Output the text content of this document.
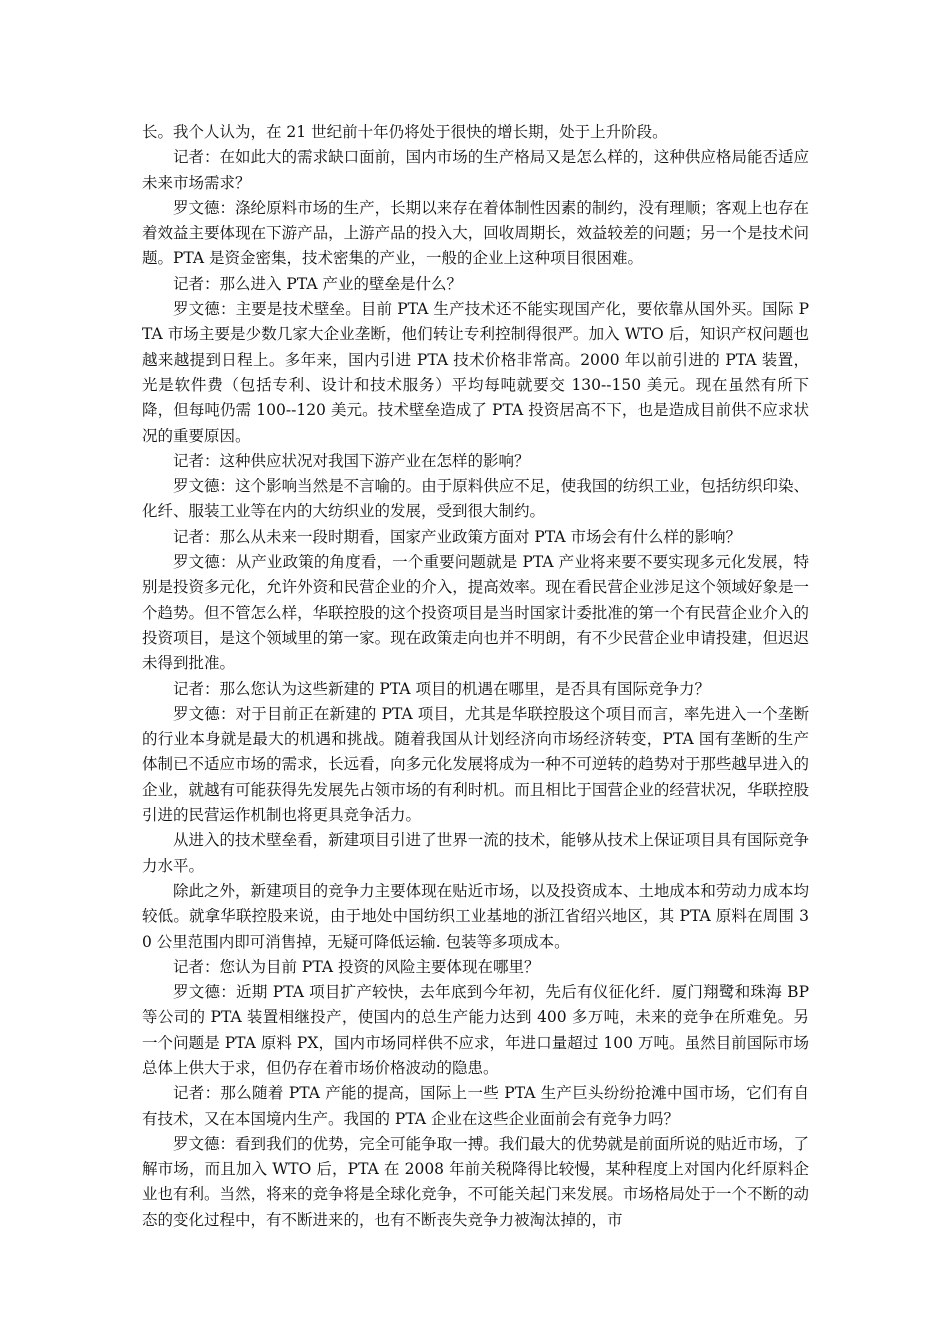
长。我个人认为，在 21 世纪前十年仍将处于很快的增长期，处于上升阶段。

记者：在如此大的需求缺口面前，国内市场的生产格局又是怎么样的，这种供应格局能否适应未来市场需求？

罗文德：涤纶原料市场的生产，长期以来存在着体制性因素的制约，没有理顺；客观上也存在着效益主要体现在下游产品，上游产品的投入大，回收周期长，效益较差的问题；另一个是技术问题。PTA 是资金密集，技术密集的产业，一般的企业上这种项目很困难。

记者：那么进入 PTA 产业的壁垒是什么？

罗文德：主要是技术壁垒。目前 PTA 生产技术还不能实现国产化，要依靠从国外买。国际 PTA 市场主要是少数几家大企业垄断，他们转让专利控制得很严。加入 WTO 后，知识产权问题也越来越提到日程上。多年来，国内引进 PTA 技术价格非常高。2000 年以前引进的 PTA 装置，光是软件费（包括专利、设计和技术服务）平均每吨就要交 130--150 美元。现在虽然有所下降，但每吨仍需 100--120 美元。技术壁垒造成了 PTA 投资居高不下，也是造成目前供不应求状况的重要原因。

记者：这种供应状况对我国下游产业在怎样的影响？

罗文德：这个影响当然是不言喻的。由于原料供应不足，使我国的纺织工业，包括纺织印染、化纤、服装工业等在内的大纺织业的发展，受到很大制约。

记者：那么从未来一段时期看，国家产业政策方面对 PTA 市场会有什么样的影响？

罗文德：从产业政策的角度看，一个重要问题就是 PTA 产业将来要不要实现多元化发展，特别是投资多元化，允许外资和民营企业的介入，提高效率。现在看民营企业涉足这个领域好象是一个趋势。但不管怎么样，华联控股的这个投资项目是当时国家计委批准的第一个有民营企业介入的投资项目，是这个领域里的第一家。现在政策走向也并不明朗，有不少民营企业申请投建，但迟迟未得到批准。

记者：那么您认为这些新建的 PTA 项目的机遇在哪里，是否具有国际竞争力？

罗文德：对于目前正在新建的 PTA 项目，尤其是华联控股这个项目而言，率先进入一个垄断的行业本身就是最大的机遇和挑战。随着我国从计划经济向市场经济转变，PTA 国有垄断的生产体制已不适应市场的需求，长远看，向多元化发展将成为一种不可逆转的趋势对于那些越早进入的企业，就越有可能获得先发展先占领市场的有利时机。而且相比于国营企业的经营状况，华联控股引进的民营运作机制也将更具竞争活力。

从进入的技术壁垒看，新建项目引进了世界一流的技术，能够从技术上保证项目具有国际竞争力水平。

除此之外，新建项目的竞争力主要体现在贴近市场，以及投资成本、土地成本和劳动力成本均较低。就拿华联控股来说，由于地处中国纺织工业基地的浙江省绍兴地区，其 PTA 原料在周围 30 公里范围内即可消售掉，无疑可降低运输. 包装等多项成本。

记者：您认为目前 PTA 投资的风险主要体现在哪里？

罗文德：近期 PTA 项目扩产较快，去年底到今年初，先后有仪征化纤．厦门翔鹭和珠海 BP 等公司的 PTA 装置相继投产，使国内的总生产能力达到 400 多万吨，未来的竞争在所难免。另一个问题是 PTA 原料 PX，国内市场同样供不应求，年进口量超过 100 万吨。虽然目前国际市场总体上供大于求，但仍存在着市场价格波动的隐患。

记者：那么随着 PTA 产能的提高，国际上一些 PTA 生产巨头纷纷抢滩中国市场，它们有自有技术，又在本国境内生产。我国的 PTA 企业在这些企业面前会有竞争力吗？

罗文德：看到我们的优势，完全可能争取一搏。我们最大的优势就是前面所说的贴近市场，了解市场，而且加入 WTO 后，PTA 在 2008 年前关税降得比较慢，某种程度上对国内化纤原料企业也有利。当然，将来的竞争将是全球化竞争，不可能关起门来发展。市场格局处于一个不断的动态的变化过程中，有不断进来的，也有不断丧失竞争力被淘汰掉的，市
